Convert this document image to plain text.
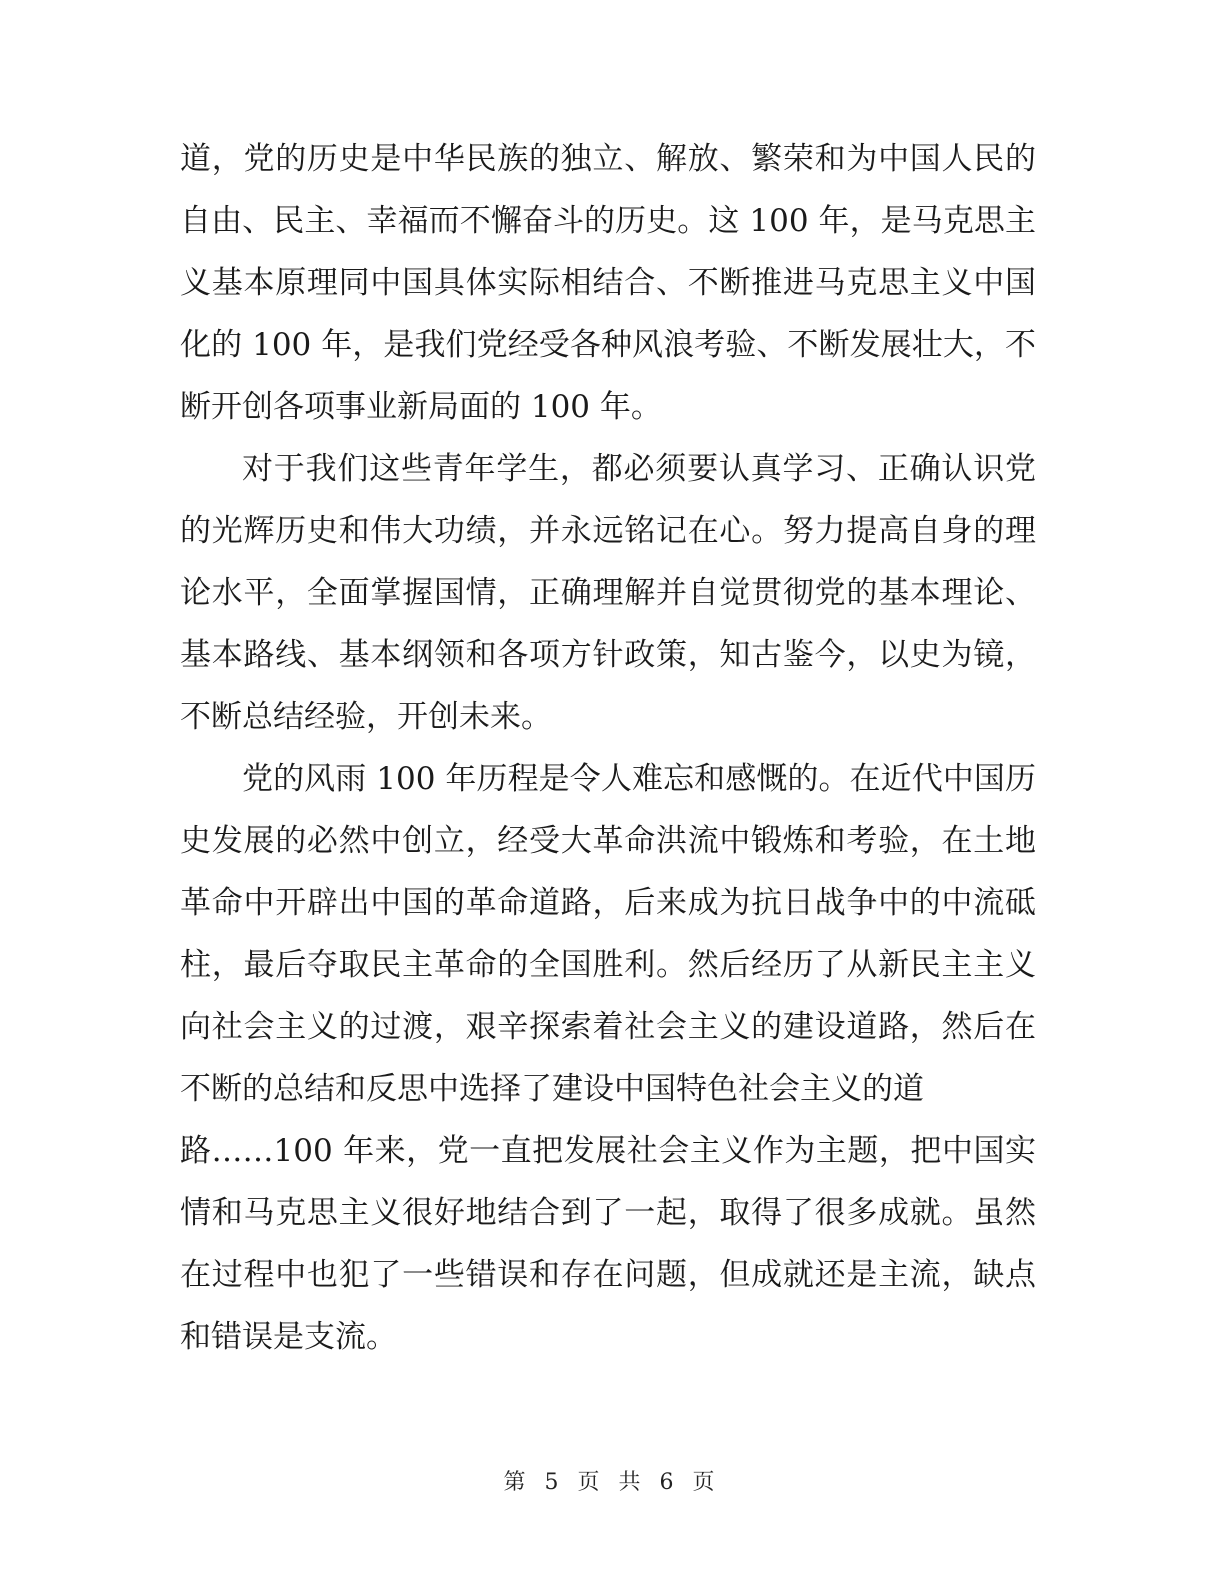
道，党的历史是中华民族的独立、解放、繁荣和为中国人民的
自由、民主、幸福而不懈奋斗的历史。这 100 年，是马克思主
义基本原理同中国具体实际相结合、不断推进马克思主义中国
化的 100 年，是我们党经受各种风浪考验、不断发展壮大，不
断开创各项事业新局面的 100 年。
对于我们这些青年学生，都必须要认真学习、正确认识党
的光辉历史和伟大功绩，并永远铭记在心。努力提高自身的理
论水平，全面掌握国情，正确理解并自觉贯彻党的基本理论、
基本路线、基本纲领和各项方针政策，知古鉴今，以史为镜，
不断总结经验，开创未来。
党的风雨 100 年历程是令人难忘和感慨的。在近代中国历
史发展的必然中创立，经受大革命洪流中锻炼和考验，在土地
革命中开辟出中国的革命道路，后来成为抗日战争中的中流砥
柱，最后夺取民主革命的全国胜利。然后经历了从新民主主义
向社会主义的过渡，艰辛探索着社会主义的建设道路，然后在
不断的总结和反思中选择了建设中国特色社会主义的道
路……100 年来，党一直把发展社会主义作为主题，把中国实
情和马克思主义很好地结合到了一起，取得了很多成就。虽然
在过程中也犯了一些错误和存在问题，但成就还是主流，缺点
和错误是支流。
第 5 页 共 6 页
